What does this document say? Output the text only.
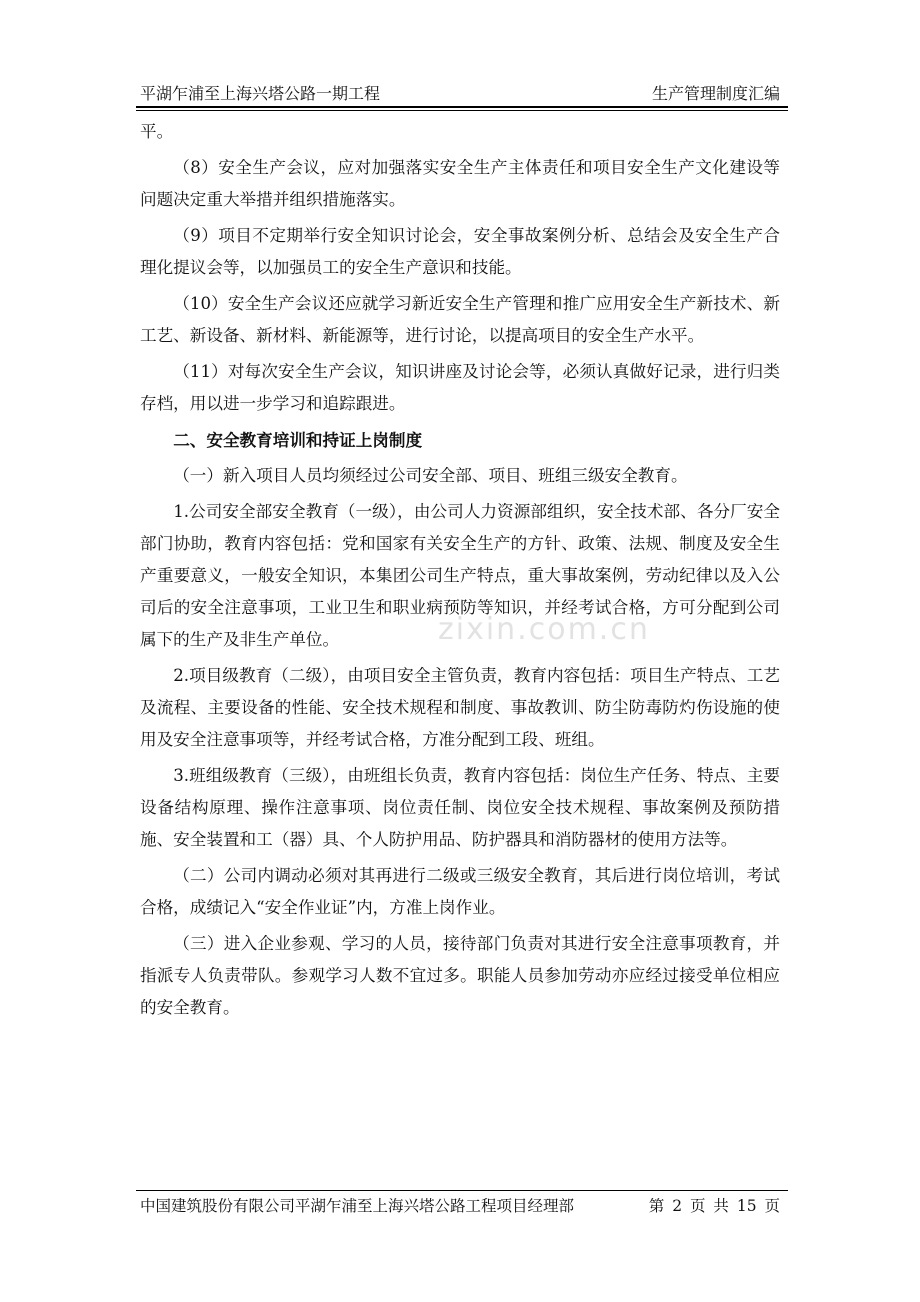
平湖乍浦至上海兴塔公路一期工程	生产管理制度汇编

平。

（8）安全生产会议，应对加强落实安全生产主体责任和项目安全生产文化建设等问题决定重大举措并组织措施落实。

（9）项目不定期举行安全知识讨论会，安全事故案例分析、总结会及安全生产合理化提议会等，以加强员工的安全生产意识和技能。

（10）安全生产会议还应就学习新近安全生产管理和推广应用安全生产新技术、新工艺、新设备、新材料、新能源等，进行讨论，以提高项目的安全生产水平。

（11）对每次安全生产会议，知识讲座及讨论会等，必须认真做好记录，进行归类存档，用以进一步学习和追踪跟进。

二、安全教育培训和持证上岗制度

（一）新入项目人员均须经过公司安全部、项目、班组三级安全教育。

1.公司安全部安全教育（一级），由公司人力资源部组织，安全技术部、各分厂安全部门协助，教育内容包括：党和国家有关安全生产的方针、政策、法规、制度及安全生产重要意义，一般安全知识，本集团公司生产特点，重大事故案例，劳动纪律以及入公司后的安全注意事项，工业卫生和职业病预防等知识，并经考试合格，方可分配到公司属下的生产及非生产单位。

2.项目级教育（二级），由项目安全主管负责，教育内容包括：项目生产特点、工艺及流程、主要设备的性能、安全技术规程和制度、事故教训、防尘防毒防灼伤设施的使用及安全注意事项等，并经考试合格，方准分配到工段、班组。

3.班组级教育（三级），由班组长负责，教育内容包括：岗位生产任务、特点、主要设备结构原理、操作注意事项、岗位责任制、岗位安全技术规程、事故案例及预防措施、安全装置和工（器）具、个人防护用品、防护器具和消防器材的使用方法等。

（二）公司内调动必须对其再进行二级或三级安全教育，其后进行岗位培训，考试合格，成绩记入“安全作业证”内，方准上岗作业。

（三）进入企业参观、学习的人员，接待部门负责对其进行安全注意事项教育，并指派专人负责带队。参观学习人数不宜过多。职能人员参加劳动亦应经过接受单位相应的安全教育。

zixin.com.cn
中国建筑股份有限公司平湖乍浦至上海兴塔公路工程项目经理部	第 2 页 共 15 页
